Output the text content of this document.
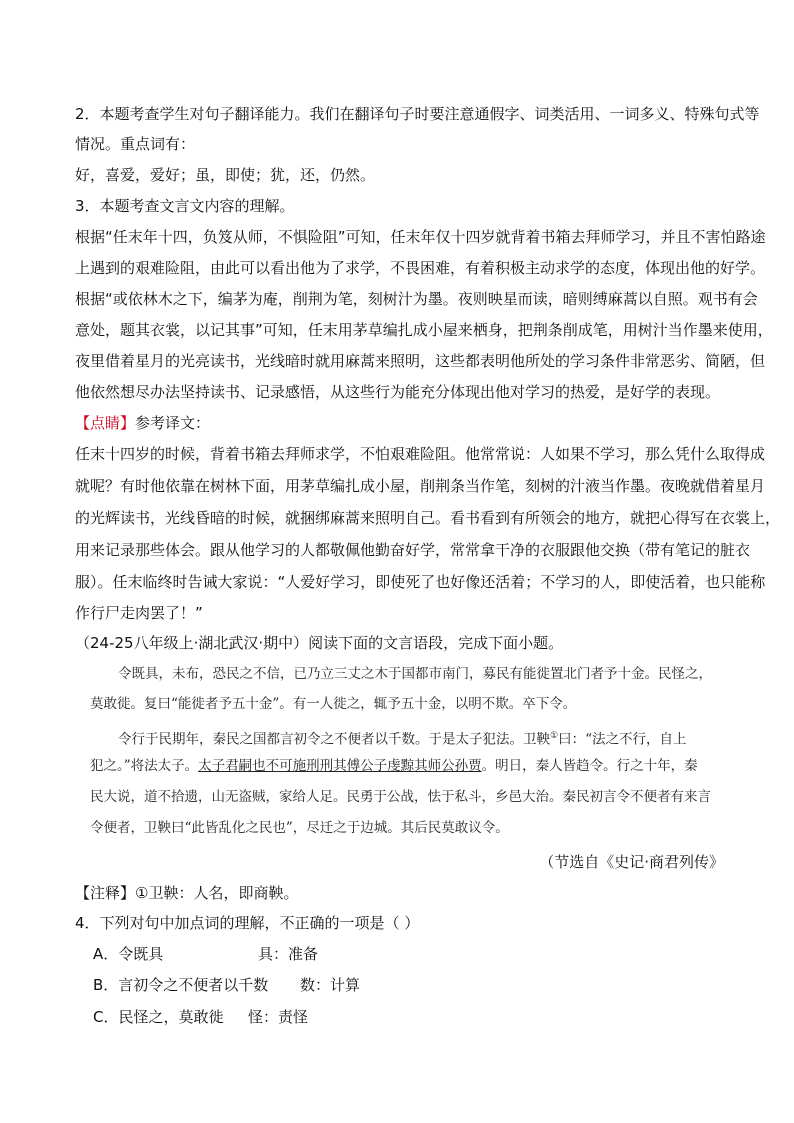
2．本题考查学生对句子翻译能力。我们在翻译句子时要注意通假字、词类活用、一词多义、特殊句式等
情况。重点词有：
好，喜爱，爱好；虽，即使；犹，还，仍然。
3．本题考查文言文内容的理解。
根据“任末年十四，负笈从师，不惧险阻”可知，任末年仅十四岁就背着书箱去拜师学习，并且不害怕路途
上遇到的艰难险阻，由此可以看出他为了求学，不畏困难，有着积极主动求学的态度，体现出他的好学。
根据“或依林木之下，编茅为庵，削荆为笔，刻树汁为墨。夜则映星而读，暗则缚麻蒿以自照。观书有会
意处，题其衣裳，以记其事”可知，任末用茅草编扎成小屋来栖身，把荆条削成笔，用树汁当作墨来使用，
夜里借着星月的光亮读书，光线暗时就用麻蒿来照明，这些都表明他所处的学习条件非常恶劣、简陋，但
他依然想尽办法坚持读书、记录感悟，从这些行为能充分体现出他对学习的热爱，是好学的表现。
【点睛】参考译文：
任末十四岁的时候，背着书箱去拜师求学，不怕艰难险阻。他常常说：人如果不学习，那么凭什么取得成
就呢？有时他依靠在树林下面，用茅草编扎成小屋，削荆条当作笔，刻树的汁液当作墨。夜晚就借着星月
的光辉读书，光线昏暗的时候，就捆绑麻蒿来照明自己。看书看到有所领会的地方，就把心得写在衣裳上，
用来记录那些体会。跟从他学习的人都敬佩他勤奋好学，常常拿干净的衣服跟他交换（带有笔记的脏衣
服）。任末临终时告诫大家说：“人爱好学习，即使死了也好像还活着；不学习的人，即使活着，也只能称
作行尸走肉罢了！”
（24-25八年级上·湖北武汉·期中）阅读下面的文言语段，完成下面小题。
令既具，未布，恐民之不信，已乃立三丈之木于国都市南门，募民有能徙置北门者予十金。民怪之，
莫敢徙。复曰“能徙者予五十金”。有一人徙之，辄予五十金，以明不欺。卒下令。
令行于民期年，秦民之国都言初令之不便者以千数。于是太子犯法。卫鞅①曰：“法之不行，自上
犯之。”将法太子。太子君嗣也不可施刑刑其傅公子虔黥其师公孙贾。明日，秦人皆趋令。行之十年，秦
民大说，道不拾遗，山无盗贼，家给人足。民勇于公战，怯于私斗，乡邑大治。秦民初言令不便者有来言
令便者，卫鞅曰“此皆乱化之民也”，尽迁之于边城。其后民莫敢议令。
（节选自《史记·商君列传》
【注释】①卫鞅：人名，即商鞅。
4．下列对句中加点词的理解，不正确的一项是（ ）
A．令既具	具：准备
B．言初令之不便者以千数 数：计算
C．民怪之，莫敢徙 怪：责怪
